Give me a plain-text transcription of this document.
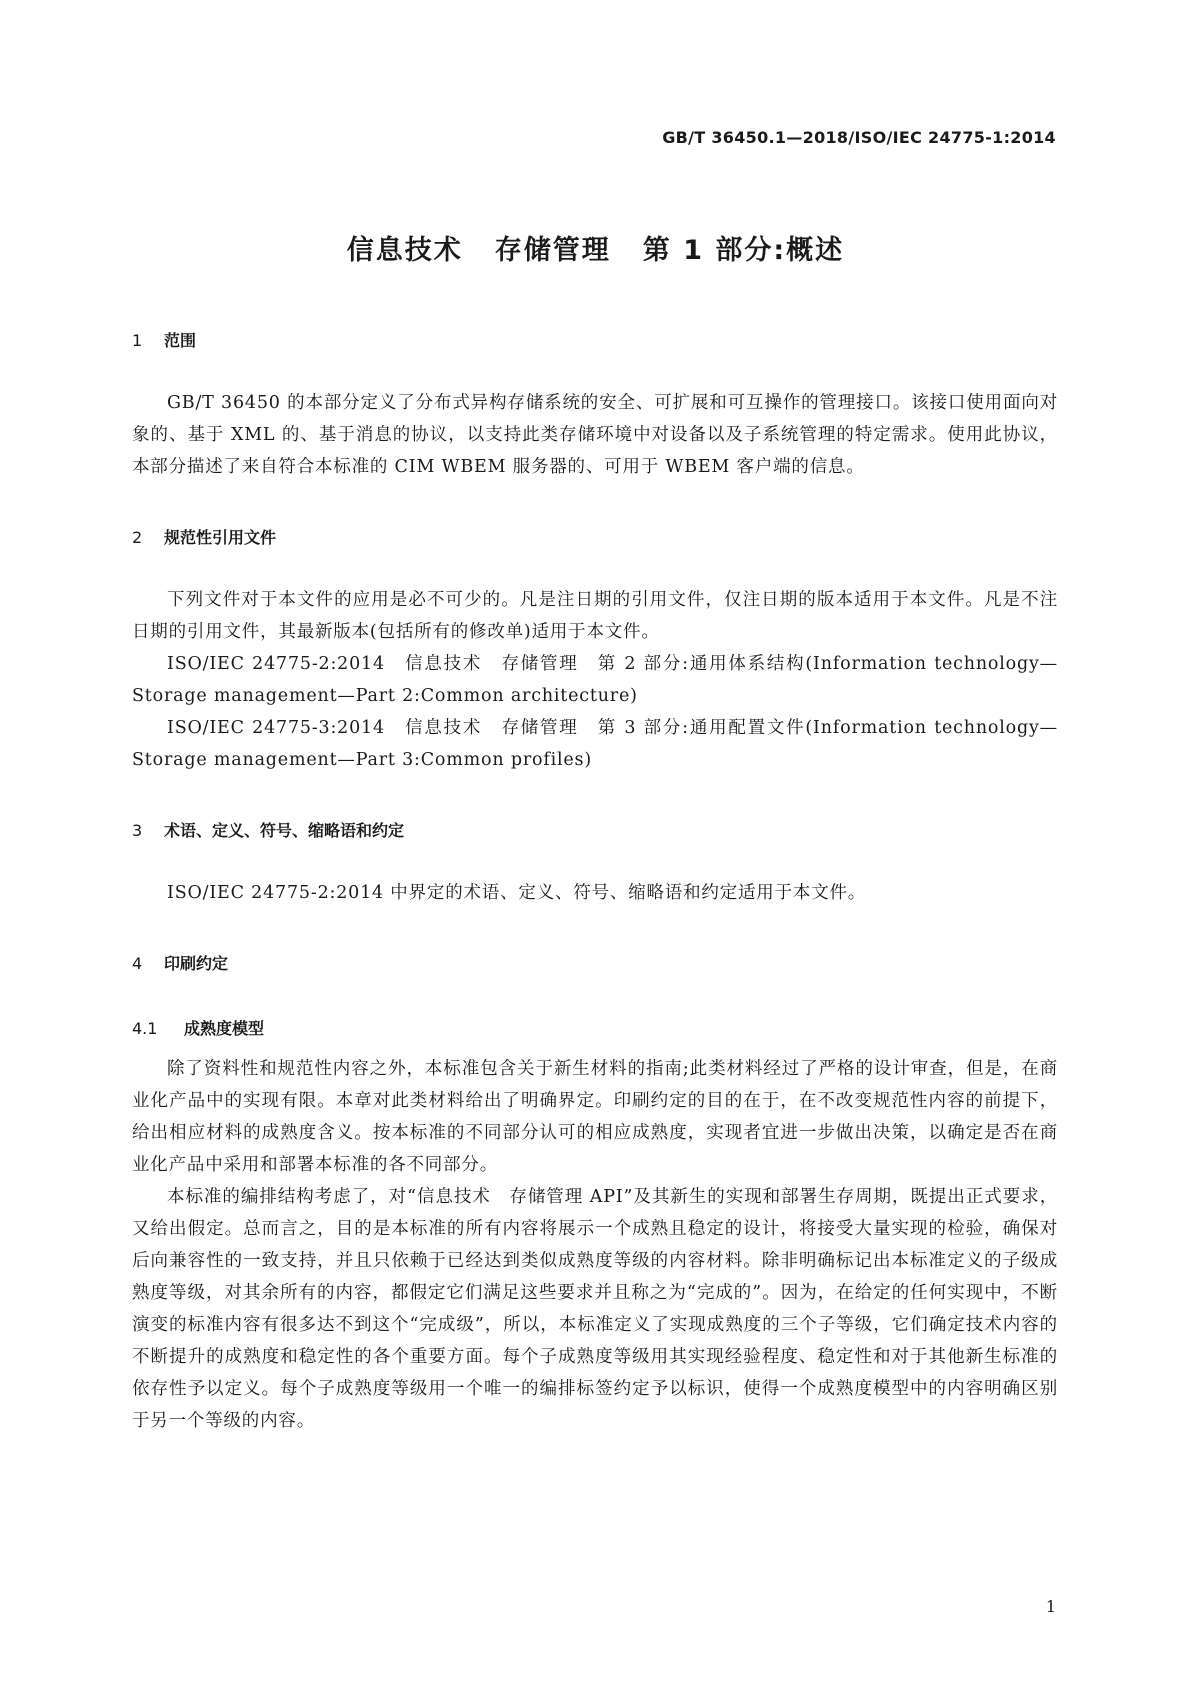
GB/T 36450.1—2018/ISO/IEC 24775-1:2014
信息技术 存储管理 第 1 部分:概述
1 范围

GB/T 36450 的本部分定义了分布式异构存储系统的安全、可扩展和可互操作的管理接口。该接口使用面向对象的、基于 XML 的、基于消息的协议，以支持此类存储环境中对设备以及子系统管理的特定需求。使用此协议，本部分描述了来自符合本标准的 CIM WBEM 服务器的、可用于 WBEM 客户端的信息。

2 规范性引用文件

下列文件对于本文件的应用是必不可少的。凡是注日期的引用文件，仅注日期的版本适用于本文件。凡是不注日期的引用文件，其最新版本(包括所有的修改单)适用于本文件。

ISO/IEC 24775-2:2014　信息技术　存储管理　第 2 部分:通用体系结构(Information technology—Storage management—Part 2:Common architecture)

ISO/IEC 24775-3:2014　信息技术　存储管理　第 3 部分:通用配置文件(Information technology—Storage management—Part 3:Common profiles)

3 术语、定义、符号、缩略语和约定

ISO/IEC 24775-2:2014 中界定的术语、定义、符号、缩略语和约定适用于本文件。

4 印刷约定
4.1 成熟度模型

除了资料性和规范性内容之外，本标准包含关于新生材料的指南;此类材料经过了严格的设计审查，但是，在商业化产品中的实现有限。本章对此类材料给出了明确界定。印刷约定的目的在于，在不改变规范性内容的前提下，给出相应材料的成熟度含义。按本标准的不同部分认可的相应成熟度，实现者宜进一步做出决策，以确定是否在商业化产品中采用和部署本标准的各不同部分。

本标准的编排结构考虑了，对“信息技术　存储管理 API”及其新生的实现和部署生存周期，既提出正式要求，又给出假定。总而言之，目的是本标准的所有内容将展示一个成熟且稳定的设计，将接受大量实现的检验，确保对后向兼容性的一致支持，并且只依赖于已经达到类似成熟度等级的内容材料。除非明确标记出本标准定义的子级成熟度等级，对其余所有的内容，都假定它们满足这些要求并且称之为“完成的”。因为，在给定的任何实现中，不断演变的标准内容有很多达不到这个“完成级”，所以，本标准定义了实现成熟度的三个子等级，它们确定技术内容的不断提升的成熟度和稳定性的各个重要方面。每个子成熟度等级用其实现经验程度、稳定性和对于其他新生标准的依存性予以定义。每个子成熟度等级用一个唯一的编排标签约定予以标识，使得一个成熟度模型中的内容明确区别于另一个等级的内容。

1
